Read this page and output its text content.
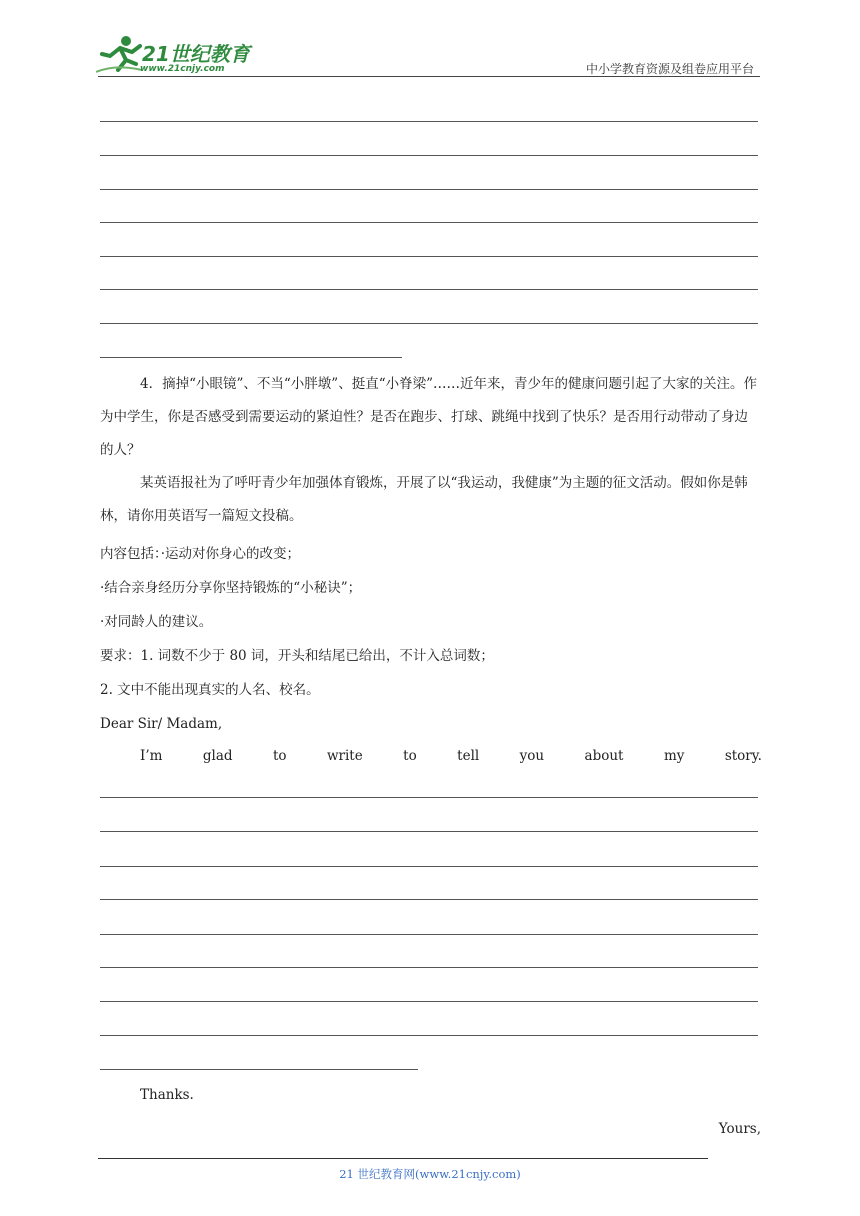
21世纪教育
www.21cnjy.com	中小学教育资源及组卷应用平台
4．摘掉“小眼镜”、不当“小胖墩”、挺直“小脊梁”……近年来，青少年的健康问题引起了大家的关注。作为中学生，你是否感受到需要运动的紧迫性？是否在跑步、打球、跳绳中找到了快乐？是否用行动带动了身边的人？
某英语报社为了呼吁青少年加强体育锻炼，开展了以“我运动，我健康”为主题的征文活动。假如你是韩林，请你用英语写一篇短文投稿。
内容包括：·运动对你身心的改变；
·结合亲身经历分享你坚持锻炼的“小秘诀”；
·对同龄人的建议。
要求：1. 词数不少于 80 词，开头和结尾已给出，不计入总词数；
2. 文中不能出现真实的人名、校名。
Dear Sir/ Madam,
I’m	glad	to	write	to	tell	you	about	my	story.
Thanks.
Yours,
21 世纪教育网(www.21cnjy.com)
